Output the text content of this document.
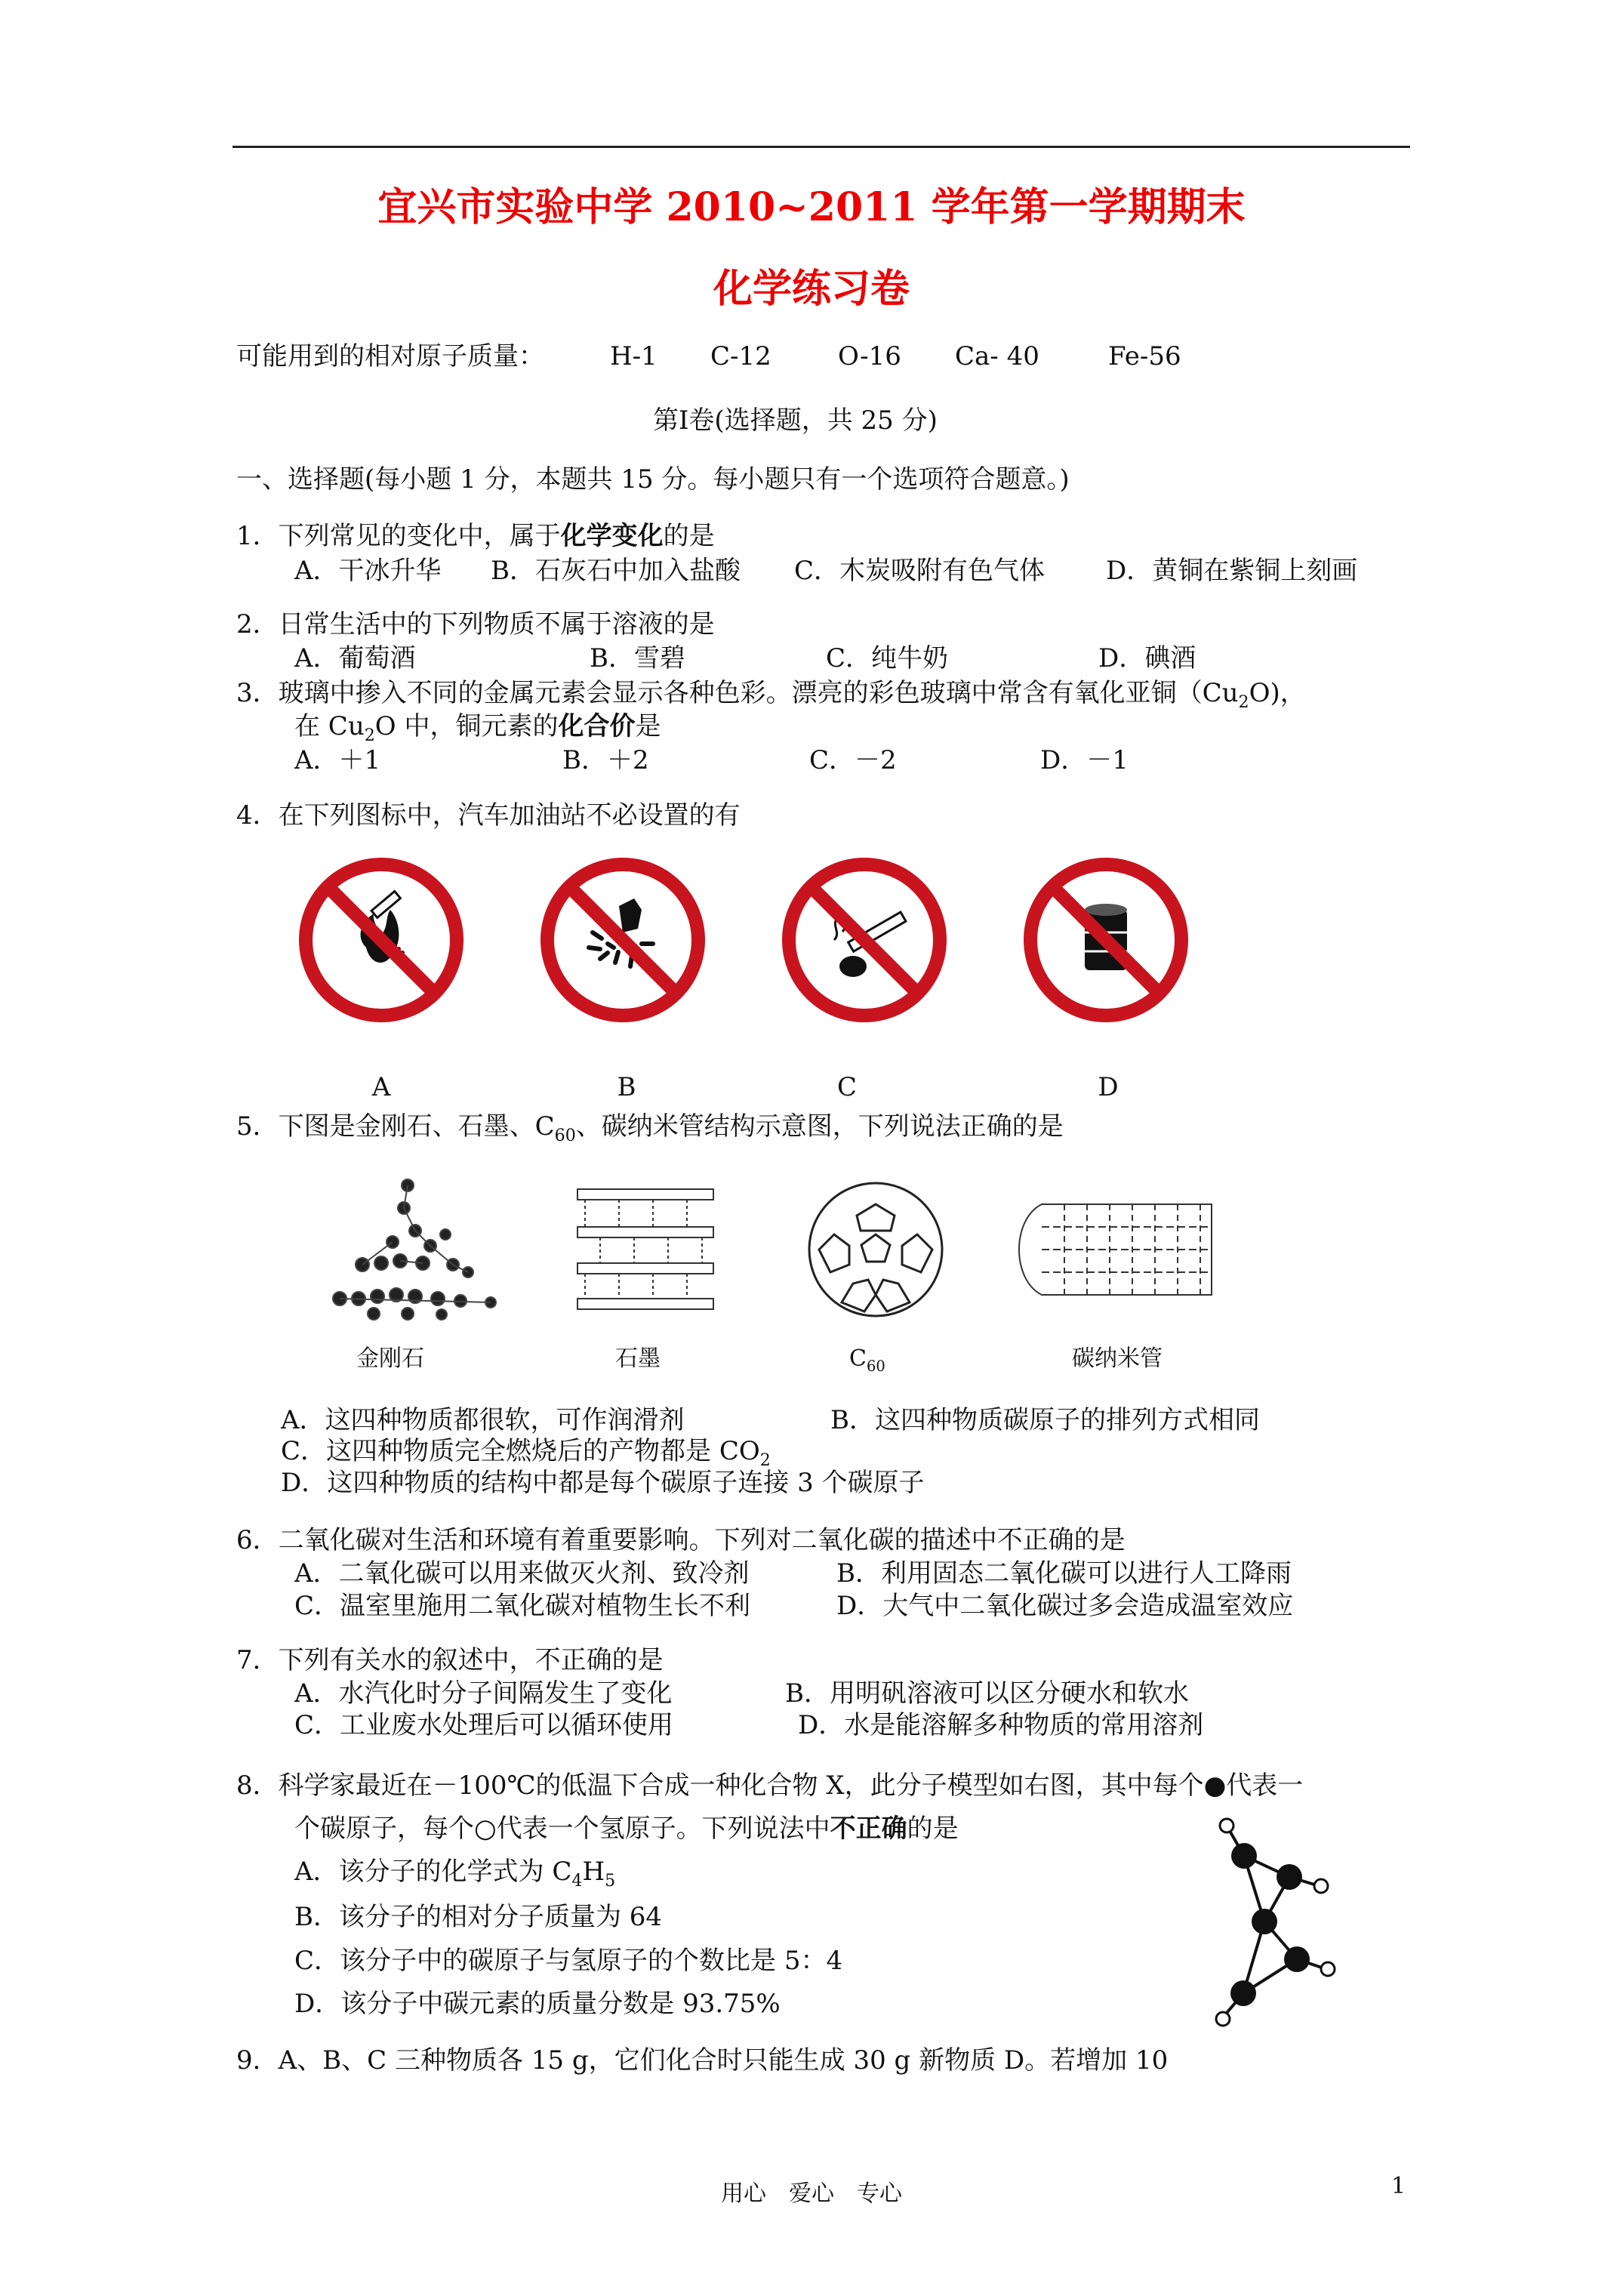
宜兴市实验中学 2010~2011 学年第一学期期末
化学练习卷
可能用到的相对原子质量：	H-1 C-12	O-16 Ca- 40	Fe-56
第Ⅰ卷(选择题，共 25 分)
一、选择题(每小题 1 分，本题共 15 分。每小题只有一个选项符合题意。)
1．下列常见的变化中，属于化学变化的是
A．干冰升华 B．石灰石中加入盐酸 C．木炭吸附有色气体 D．黄铜在紫铜上刻画
2．日常生活中的下列物质不属于溶液的是
A．葡萄酒	B．雪碧	C．纯牛奶	D．碘酒
3．玻璃中掺入不同的金属元素会显示各种色彩。漂亮的彩色玻璃中常含有氧化亚铜$(Cu_2O)$，
在 $Cu_2O$ 中，铜元素的化合价是
A．＋1	B．＋2	C．－2	D．－1
4．在下列图标中，汽车加油站不必设置的有
A	B	C	D
5．下图是金刚石、石墨、$C_{60}$、碳纳米管结构示意图，下列说法正确的是
金刚石	石墨	$C_{60}$	碳纳米管
A．这四种物质都很软，可作润滑剂	B．这四种物质碳原子的排列方式相同
C．这四种物质完全燃烧后的产物都是 $CO_2$
D．这四种物质的结构中都是每个碳原子连接 3 个碳原子
6．二氧化碳对生活和环境有着重要影响。下列对二氧化碳的描述中不正确的是
A．二氧化碳可以用来做灭火剂、致冷剂	B．利用固态二氧化碳可以进行人工降雨
C．温室里施用二氧化碳对植物生长不利	D．大气中二氧化碳过多会造成温室效应
7．下列有关水的叙述中，不正确的是
A．水汽化时分子间隔发生了变化	B．用明矾溶液可以区分硬水和软水
C．工业废水处理后可以循环使用	D．水是能溶解多种物质的常用溶剂
8．科学家最近在－100℃的低温下合成一种化合物 X，此分子模型如右图，其中每个●代表一
个碳原子，每个○代表一个氢原子。下列说法中不正确的是
A．该分子的化学式为 $C_4H_5$
B．该分子的相对分子质量为 64
C．该分子中的碳原子与氢原子的个数比是 5：4
D．该分子中碳元素的质量分数是 93.75%
9．A、B、C 三种物质各 15 g，它们化合时只能生成 30 g 新物质 D。若增加 10
用心　爱心　专心	1
